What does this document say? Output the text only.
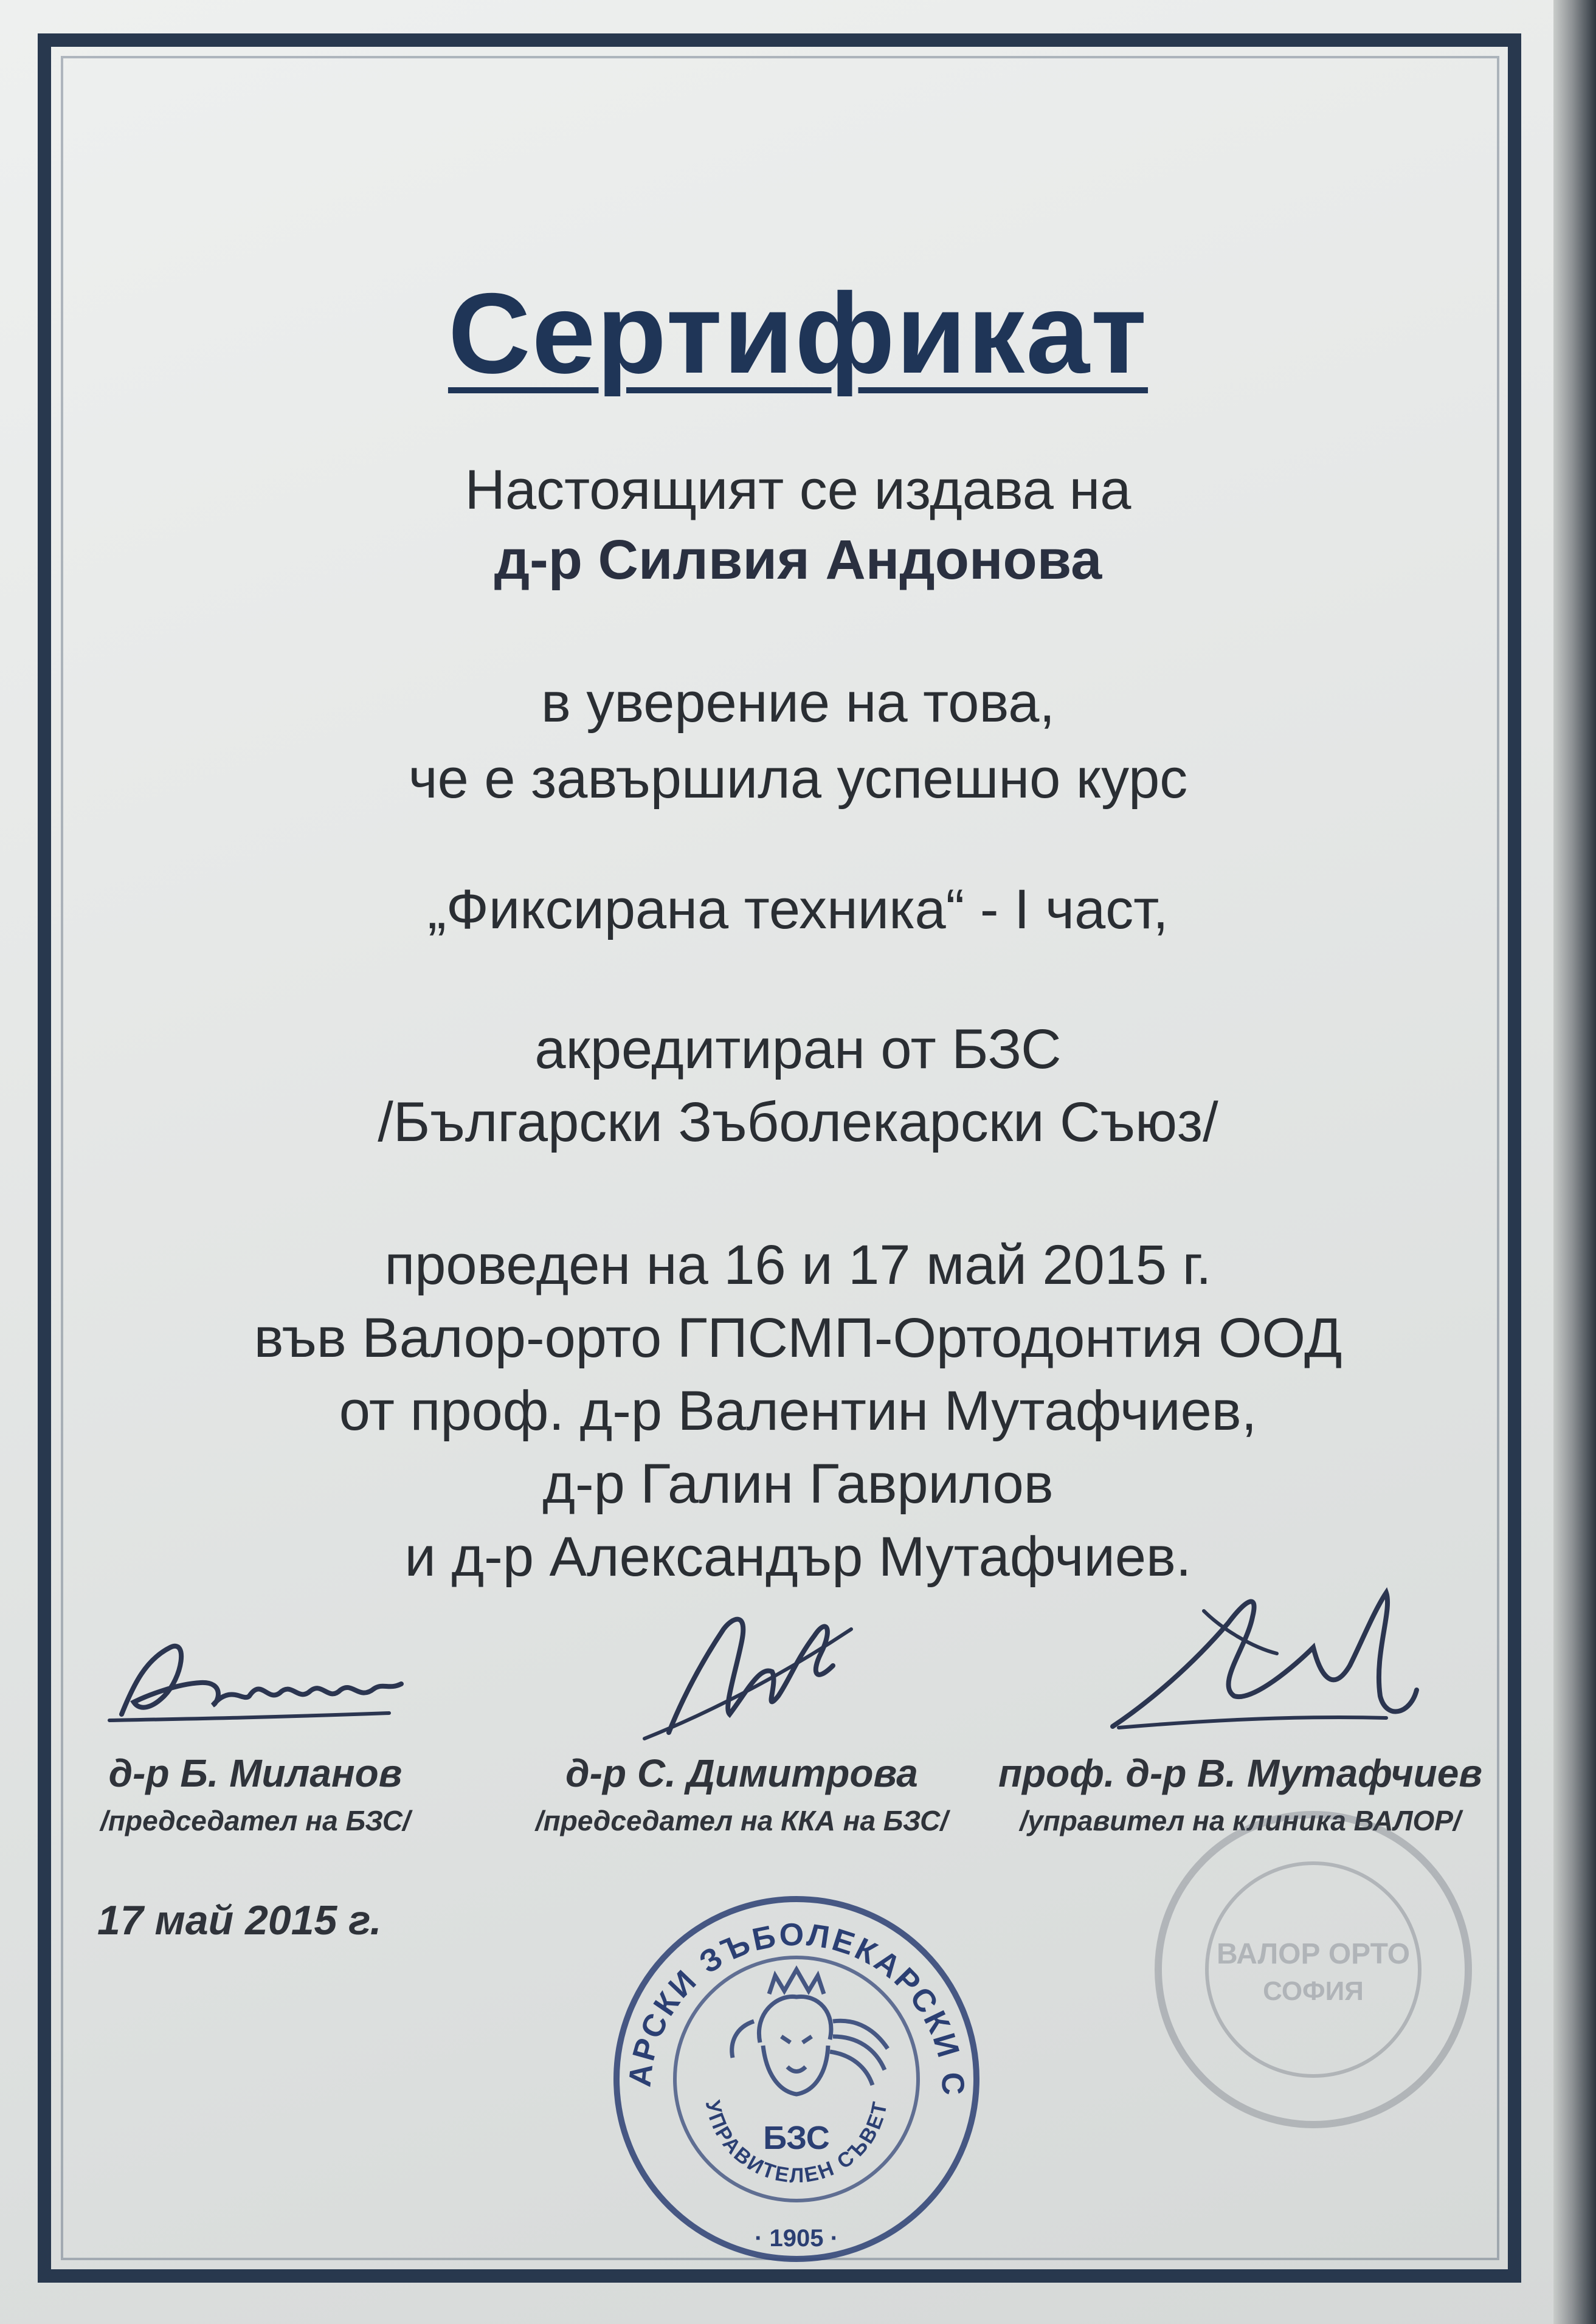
Сертификат
Настоящият се издава на
д-р Силвия Андонова
в уверение на това,
че е завършила успешно курс
„Фиксирана техника“ - I част,
акредитиран от БЗС
/Български Зъболекарски Съюз/
проведен на 16 и 17 май 2015 г.
във Валор-орто ГПСМП-Ортодонтия ООД
от проф. д-р Валентин Мутафчиев,
д-р Галин Гаврилов
и д-р Александър Мутафчиев.
д-р Б. Миланов
/председател на БЗС/
д-р С. Димитрова
/председател на ККА на БЗС/
проф. д-р В. Мутафчиев
/управител на клиника ВАЛОР/
17 май 2015 г.
БЪЛГАРСКИ ЗЪБОЛЕКАРСКИ СЪЮЗ
УПРАВИТЕЛЕН СЪВЕТ
БЗС
· 1905 ·
ВАЛОР ОРТО
СОФИЯ
